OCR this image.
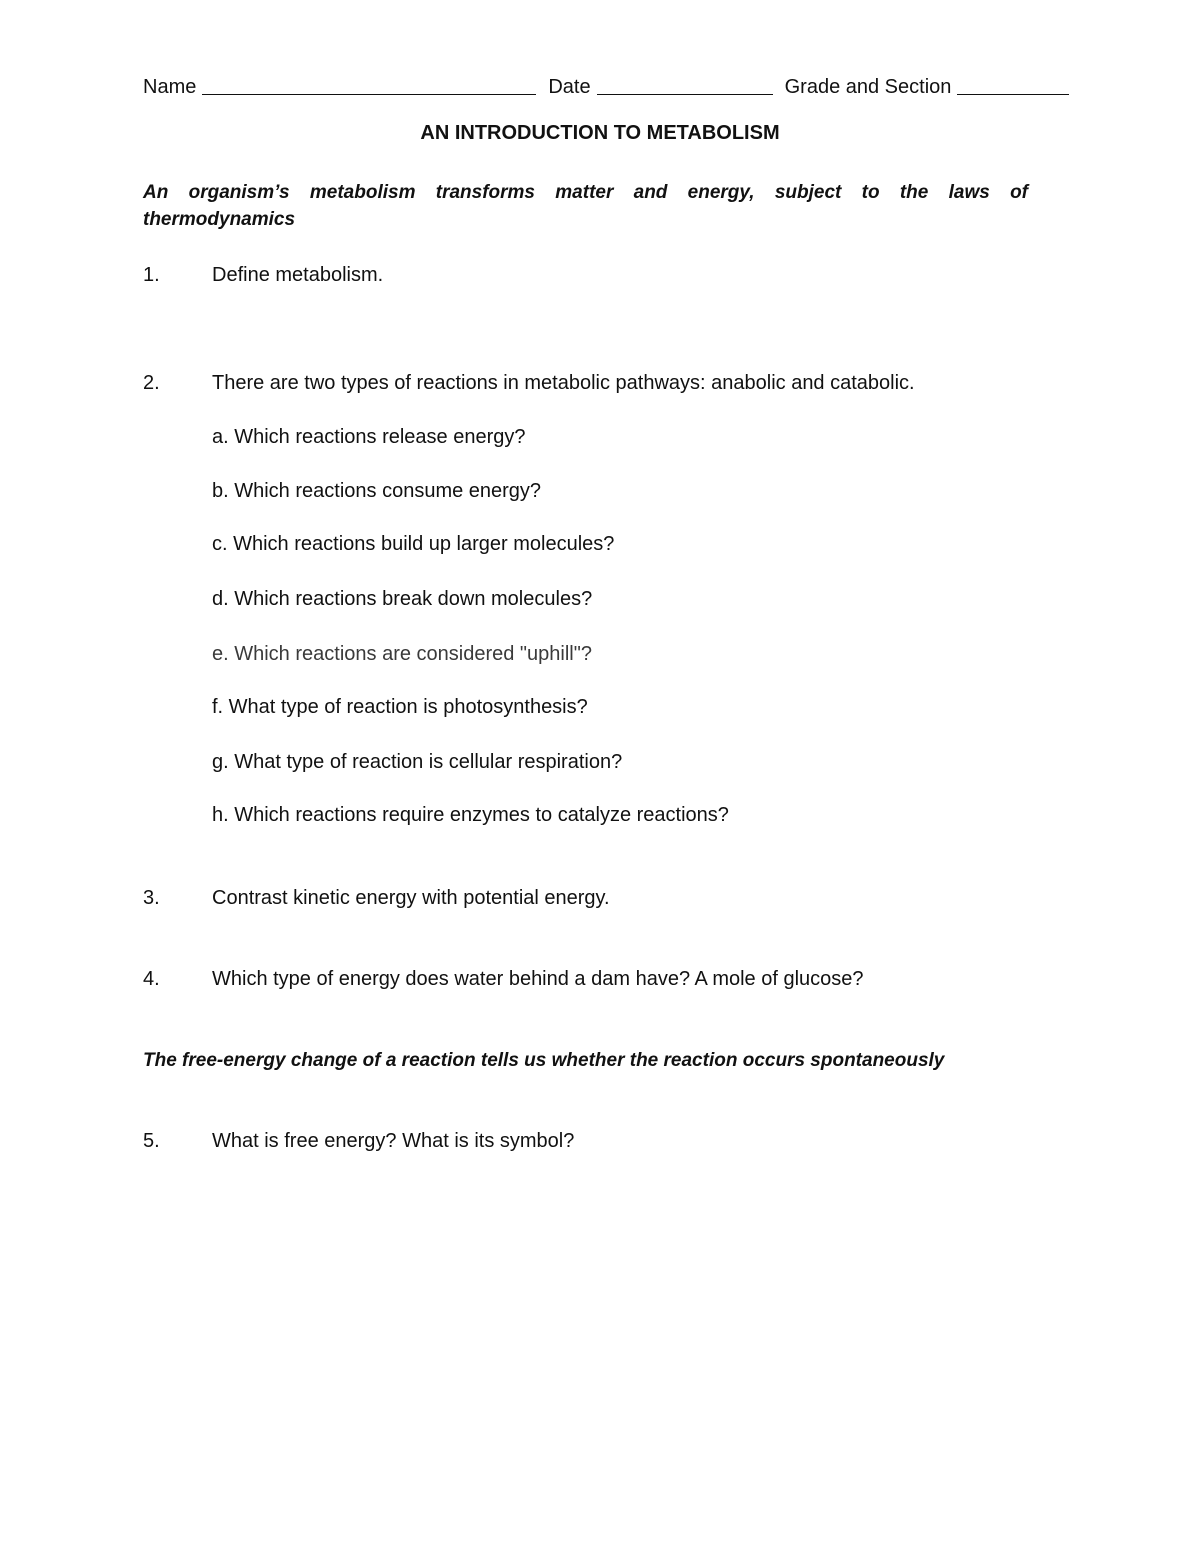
Name	Date	Grade and Section
AN INTRODUCTION TO METABOLISM
An organism’s metabolism transforms matter and energy, subject to the laws of thermodynamics
1.	Define metabolism.
2.	There are two types of reactions in metabolic pathways: anabolic and catabolic.
a. Which reactions release energy?
b. Which reactions consume energy?
c. Which reactions build up larger molecules?
d. Which reactions break down molecules?
e. Which reactions are considered "uphill"?
f. What type of reaction is photosynthesis?
g. What type of reaction is cellular respiration?
h. Which reactions require enzymes to catalyze reactions?
3.	Contrast kinetic energy with potential energy.
4.	Which type of energy does water behind a dam have? A mole of glucose?
The free-energy change of a reaction tells us whether the reaction occurs spontaneously
5.	What is free energy? What is its symbol?
